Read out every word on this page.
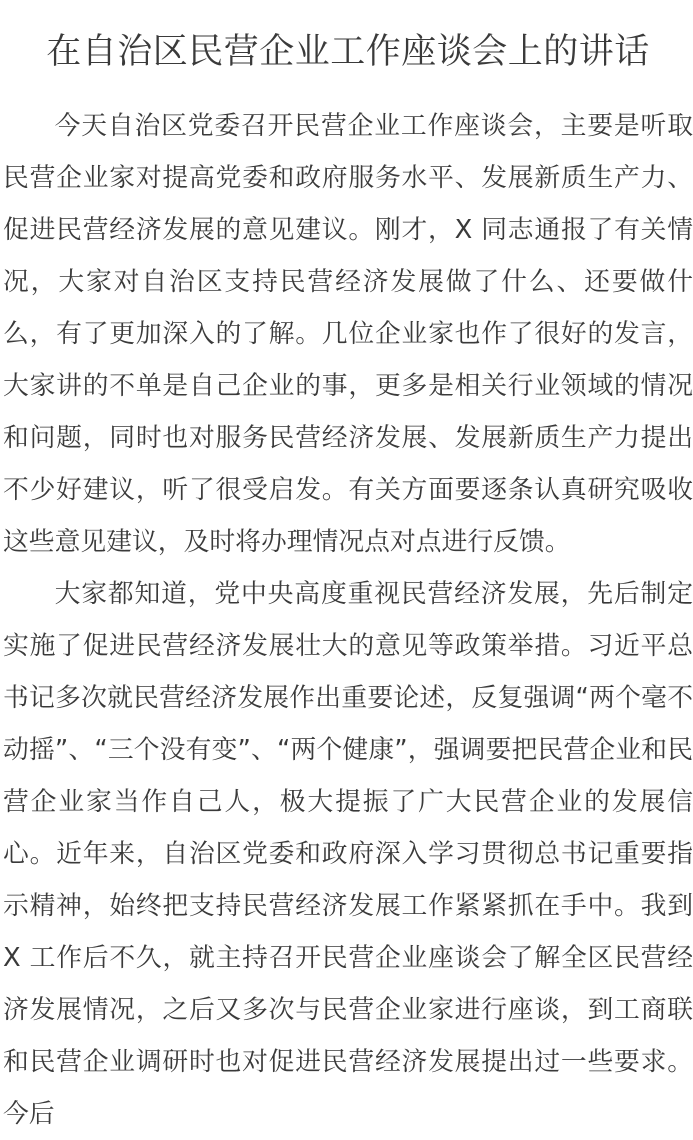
在自治区民营企业工作座谈会上的讲话

今天自治区党委召开民营企业工作座谈会，主要是听取民营企业家对提高党委和政府服务水平、发展新质生产力、促进民营经济发展的意见建议。刚才，X 同志通报了有关情况，大家对自治区支持民营经济发展做了什么、还要做什么，有了更加深入的了解。几位企业家也作了很好的发言，大家讲的不单是自己企业的事，更多是相关行业领域的情况和问题，同时也对服务民营经济发展、发展新质生产力提出不少好建议，听了很受启发。有关方面要逐条认真研究吸收这些意见建议，及时将办理情况点对点进行反馈。

大家都知道，党中央高度重视民营经济发展，先后制定实施了促进民营经济发展壮大的意见等政策举措。习近平总书记多次就民营经济发展作出重要论述，反复强调“两个毫不动摇”、“三个没有变”、“两个健康”，强调要把民营企业和民营企业家当作自己人，极大提振了广大民营企业的发展信心。近年来，自治区党委和政府深入学习贯彻总书记重要指示精神，始终把支持民营经济发展工作紧紧抓在手中。我到 X 工作后不久，就主持召开民营企业座谈会了解全区民营经济发展情况，之后又多次与民营企业家进行座谈，到工商联和民营企业调研时也对促进民营经济发展提出过一些要求。今后
